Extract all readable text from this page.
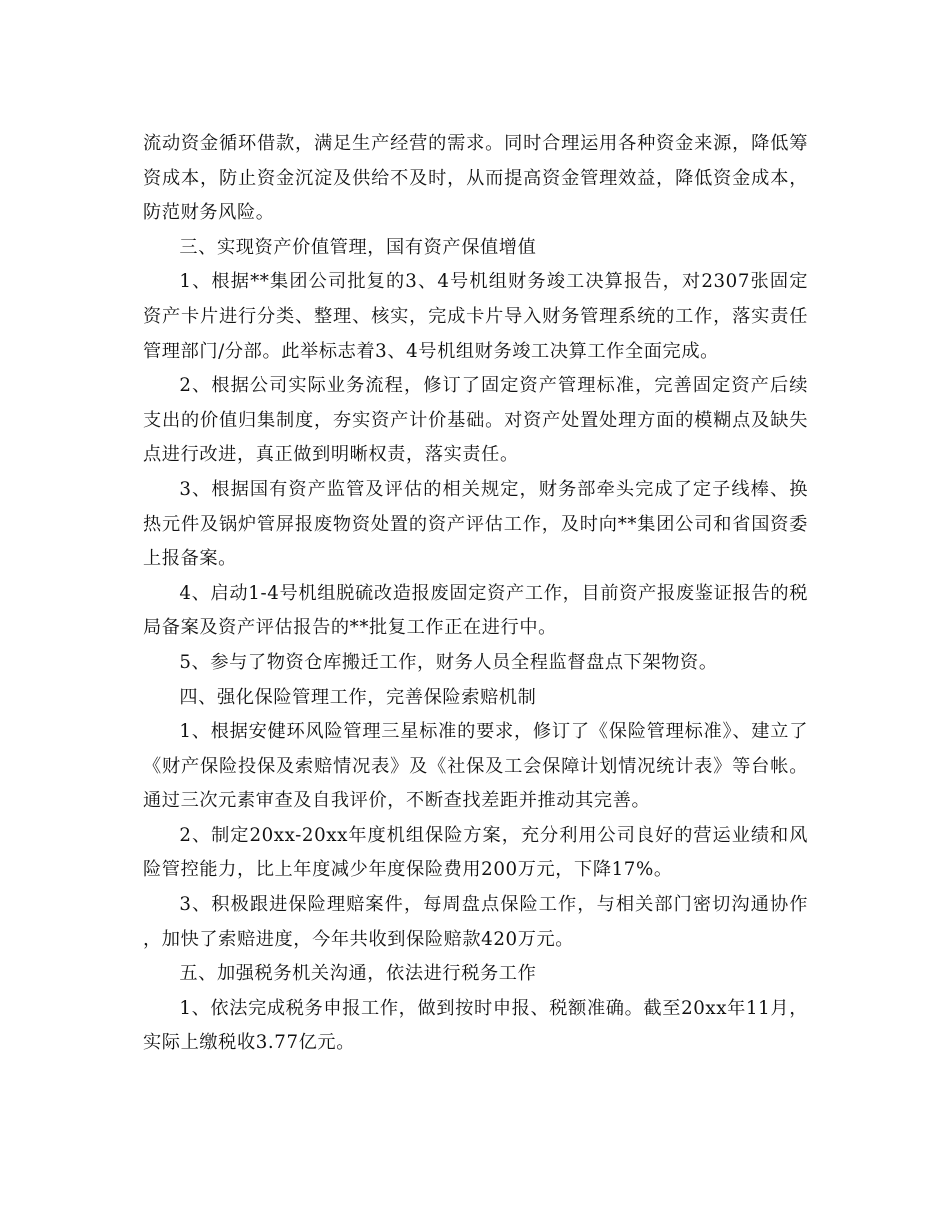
流动资金循环借款，满足生产经营的需求。同时合理运用各种资金来源，降低筹资成本，防止资金沉淀及供给不及时，从而提高资金管理效益，降低资金成本，防范财务风险。

三、实现资产价值管理，国有资产保值增值

1、根据**集团公司批复的3、4号机组财务竣工决算报告，对2307张固定资产卡片进行分类、整理、核实，完成卡片导入财务管理系统的工作，落实责任管理部门/分部。此举标志着3、4号机组财务竣工决算工作全面完成。

2、根据公司实际业务流程，修订了固定资产管理标准，完善固定资产后续支出的价值归集制度，夯实资产计价基础。对资产处置处理方面的模糊点及缺失点进行改进，真正做到明晰权责，落实责任。

3、根据国有资产监管及评估的相关规定，财务部牵头完成了定子线棒、换热元件及锅炉管屏报废物资处置的资产评估工作，及时向**集团公司和省国资委上报备案。

4、启动1-4号机组脱硫改造报废固定资产工作，目前资产报废鉴证报告的税局备案及资产评估报告的**批复工作正在进行中。

5、参与了物资仓库搬迁工作，财务人员全程监督盘点下架物资。

四、强化保险管理工作，完善保险索赔机制

1、根据安健环风险管理三星标准的要求，修订了《保险管理标准》、建立了《财产保险投保及索赔情况表》及《社保及工会保障计划情况统计表》等台帐。通过三次元素审查及自我评价，不断查找差距并推动其完善。

2、制定20xx-20xx年度机组保险方案，充分利用公司良好的营运业绩和风险管控能力，比上年度减少年度保险费用200万元，下降17%。

3、积极跟进保险理赔案件，每周盘点保险工作，与相关部门密切沟通协作，加快了索赔进度，今年共收到保险赔款420万元。

五、加强税务机关沟通，依法进行税务工作

1、依法完成税务申报工作，做到按时申报、税额准确。截至20xx年11月，实际上缴税收3.77亿元。
